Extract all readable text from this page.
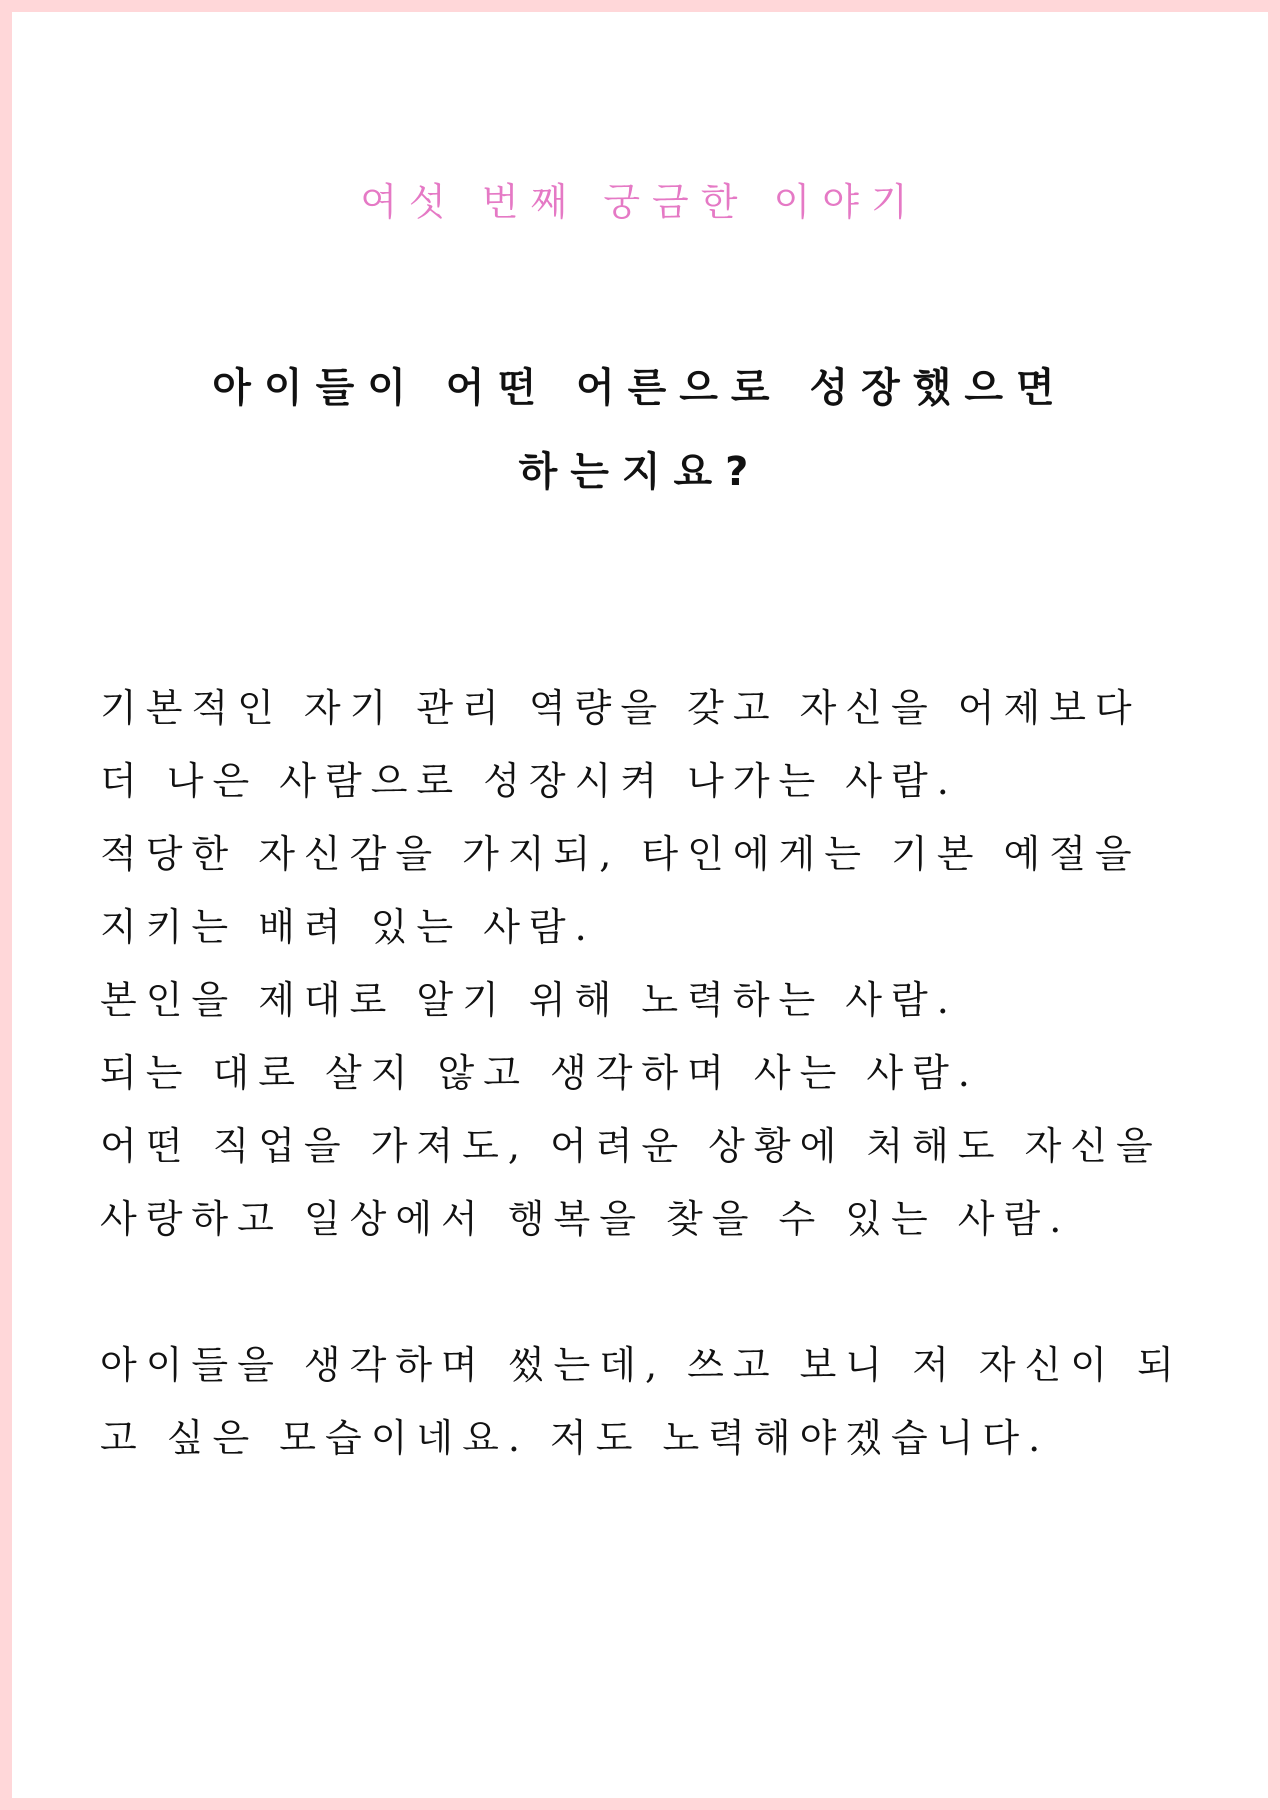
여섯 번째 궁금한 이야기
아이들이 어떤 어른으로 성장했으면
하는지요?

기본적인 자기 관리 역량을 갖고 자신을 어제보다 더 나은 사람으로 성장시켜 나가는 사람.

적당한 자신감을 가지되, 타인에게는 기본 예절을 지키는 배려 있는 사람.

본인을 제대로 알기 위해 노력하는 사람.

되는 대로 살지 않고 생각하며 사는 사람.

어떤 직업을 가져도, 어려운 상황에 처해도 자신을 사랑하고 일상에서 행복을 찾을 수 있는 사람.

아이들을 생각하며 썼는데, 쓰고 보니 저 자신이 되고 싶은 모습이네요. 저도 노력해야겠습니다.
